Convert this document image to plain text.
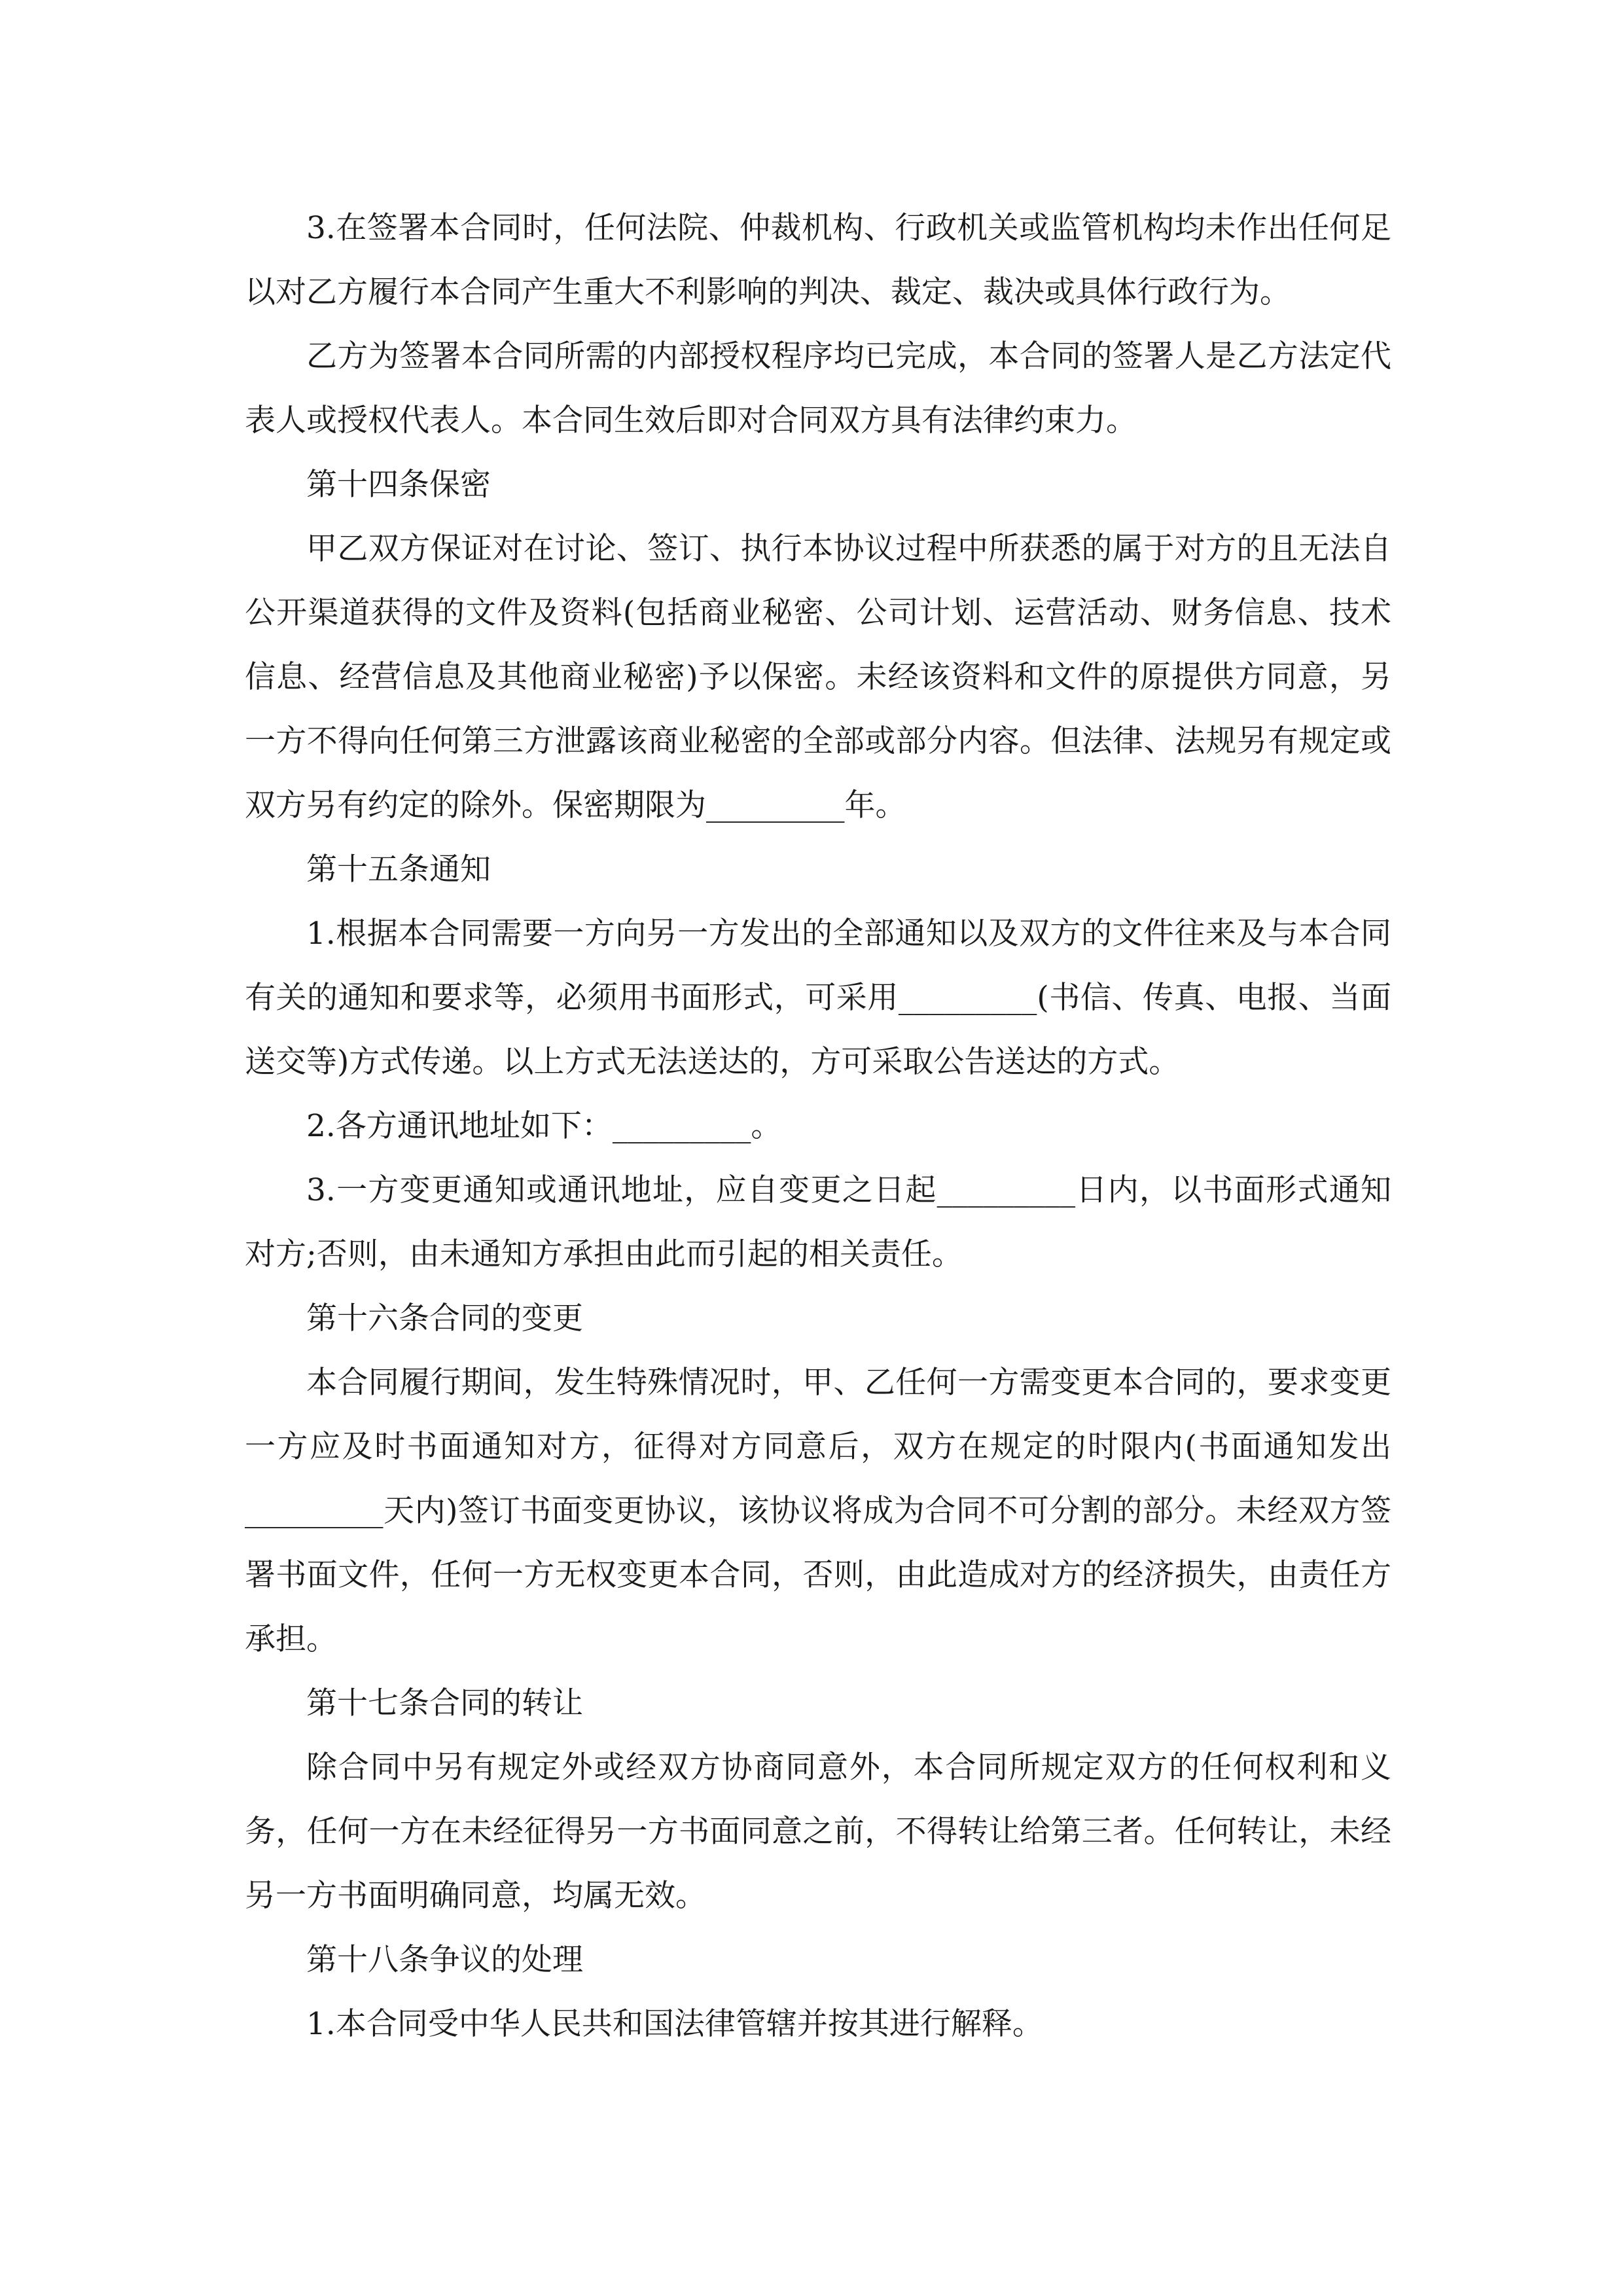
3.在签署本合同时，任何法院、仲裁机构、行政机关或监管机构均未作出任何足以对乙方履行本合同产生重大不利影响的判决、裁定、裁决或具体行政行为。

乙方为签署本合同所需的内部授权程序均已完成，本合同的签署人是乙方法定代表人或授权代表人。本合同生效后即对合同双方具有法律约束力。

第十四条保密

甲乙双方保证对在讨论、签订、执行本协议过程中所获悉的属于对方的且无法自公开渠道获得的文件及资料(包括商业秘密、公司计划、运营活动、财务信息、技术信息、经营信息及其他商业秘密)予以保密。未经该资料和文件的原提供方同意，另一方不得向任何第三方泄露该商业秘密的全部或部分内容。但法律、法规另有规定或双方另有约定的除外。保密期限为_________年。

第十五条通知

1.根据本合同需要一方向另一方发出的全部通知以及双方的文件往来及与本合同有关的通知和要求等，必须用书面形式，可采用_________(书信、传真、电报、当面送交等)方式传递。以上方式无法送达的，方可采取公告送达的方式。

2.各方通讯地址如下：_________。

3.一方变更通知或通讯地址，应自变更之日起_________日内，以书面形式通知对方;否则，由未通知方承担由此而引起的相关责任。

第十六条合同的变更

本合同履行期间，发生特殊情况时，甲、乙任何一方需变更本合同的，要求变更一方应及时书面通知对方，征得对方同意后，双方在规定的时限内(书面通知发出_________天内)签订书面变更协议，该协议将成为合同不可分割的部分。未经双方签署书面文件，任何一方无权变更本合同，否则，由此造成对方的经济损失，由责任方承担。

第十七条合同的转让

除合同中另有规定外或经双方协商同意外，本合同所规定双方的任何权利和义务，任何一方在未经征得另一方书面同意之前，不得转让给第三者。任何转让，未经另一方书面明确同意，均属无效。

第十八条争议的处理

1.本合同受中华人民共和国法律管辖并按其进行解释。
